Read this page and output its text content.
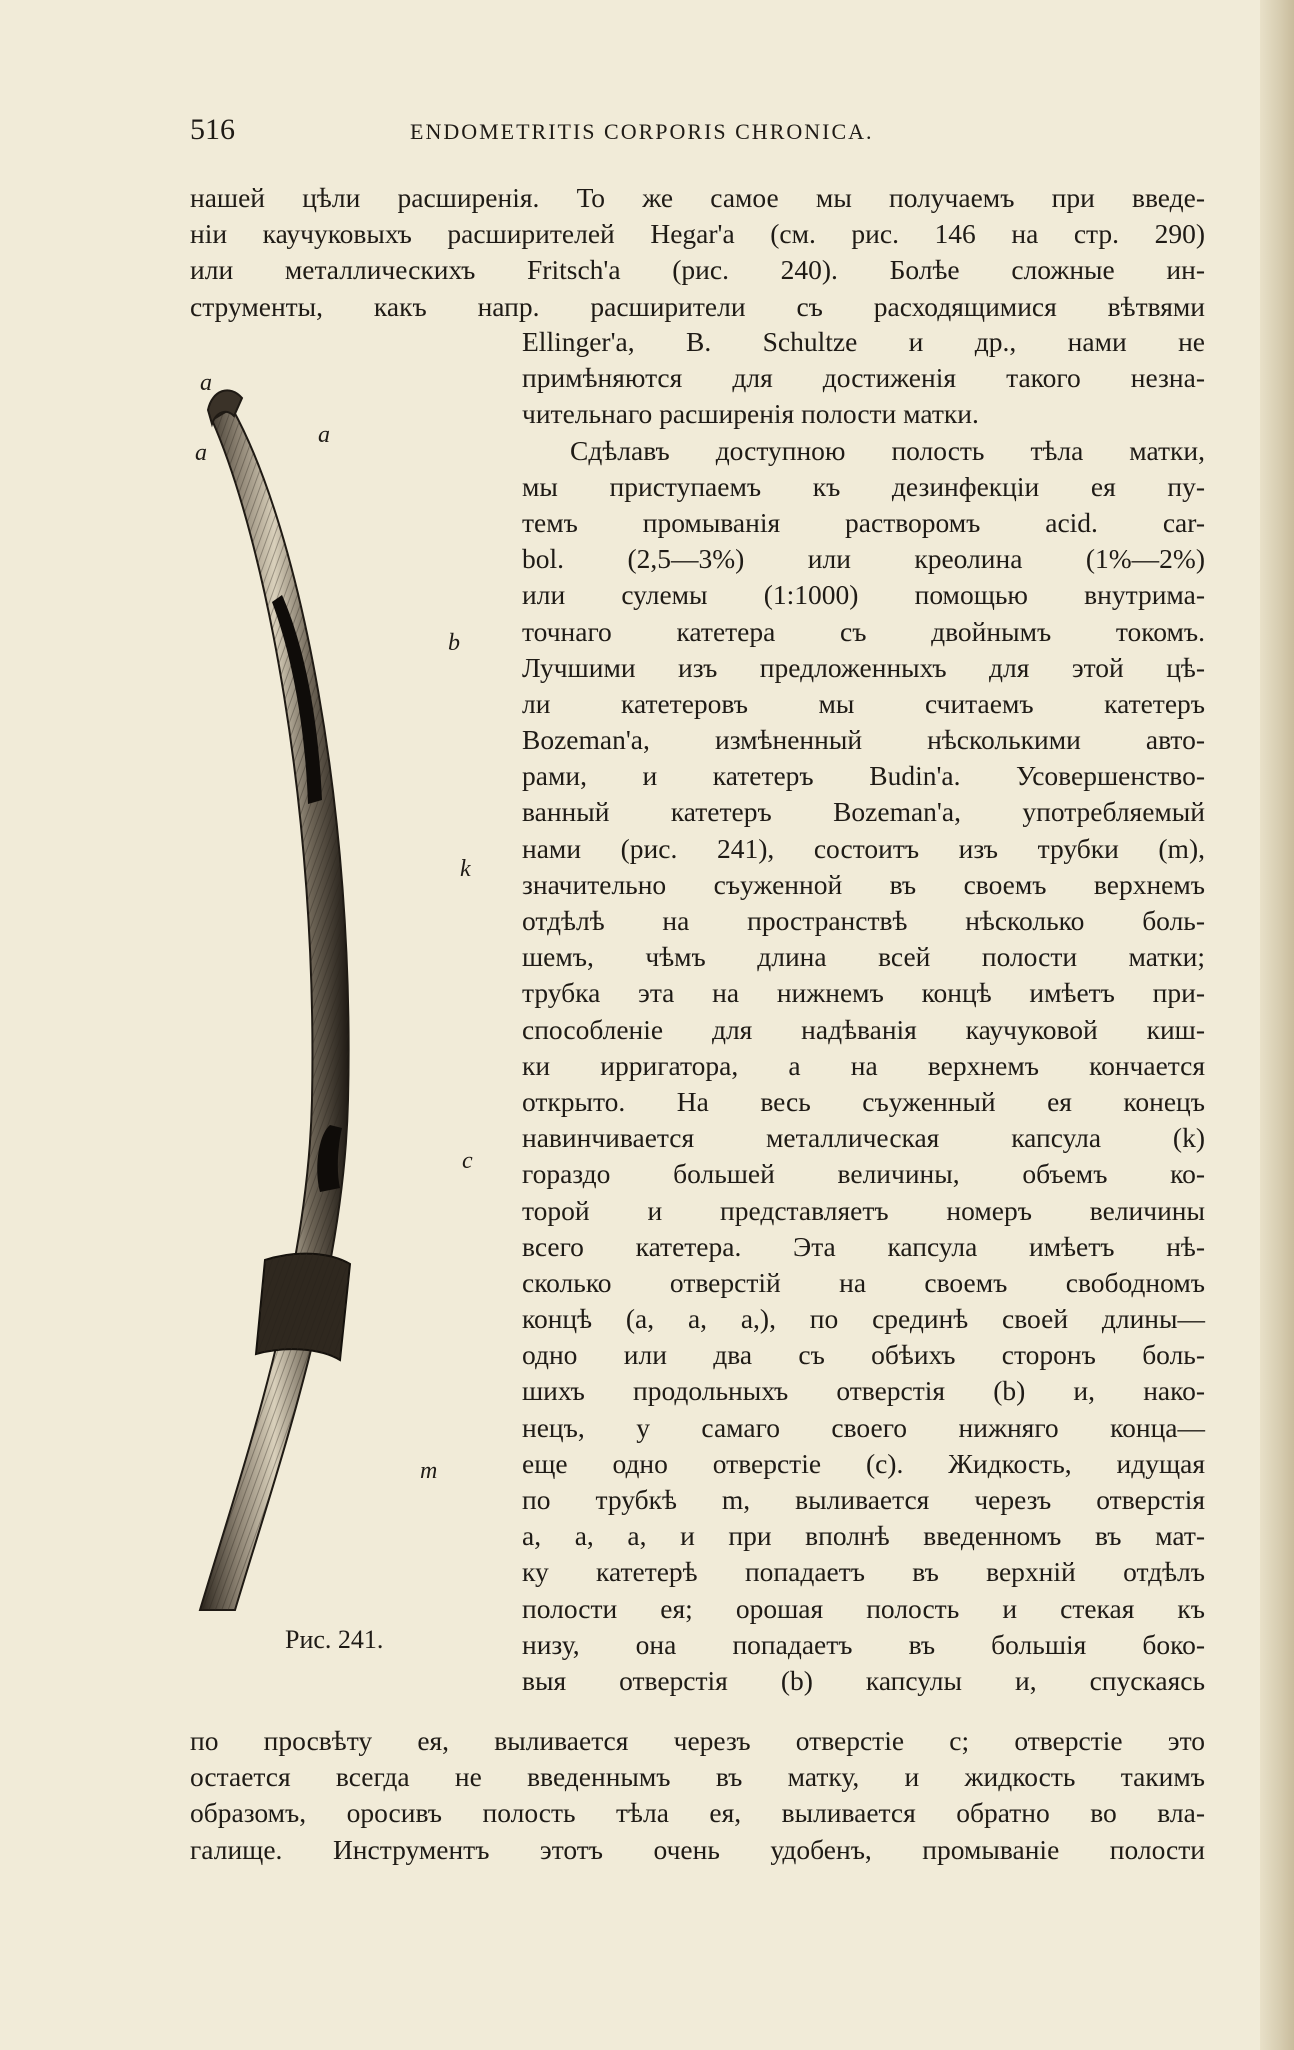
516	ENDOMETRITIS CORPORIS CHRONICA.
нашей цѣли расширенія. То же самое мы получаемъ при введе-
ніи каучуковыхъ расширителей Hegar'а (см. рис. 146 на стр. 290)
или металлическихъ Fritsch'а (рис. 240). Болѣе сложные ин-
струменты, какъ напр. расширители съ расходящимися вѣтвями
Ellinger'а, B. Schultze и др., нами не
примѣняются для достиженія такого незна-
чительнаго расширенія полости матки.
Сдѣлавъ доступною полость тѣла матки,
мы приступаемъ къ дезинфекціи ея пу-
темъ промыванія растворомъ acid. car-
bol. (2,5—3%) или креолина (1%—2%)
или сулемы (1:1000) помощью внутрима-
точнаго катетера съ двойнымъ токомъ.
Лучшими изъ предложенныхъ для этой цѣ-
ли катетеровъ мы считаемъ катетеръ
Bozeman'а, измѣненный нѣсколькими авто-
рами, и катетеръ Budin'а. Усовершенство-
ванный катетеръ Bozeman'а, употребляемый
нами (рис. 241), состоитъ изъ трубки (m),
значительно съуженной въ своемъ верхнемъ
отдѣлѣ на пространствѣ нѣсколько боль-
шемъ, чѣмъ длина всей полости матки;
трубка эта на нижнемъ концѣ имѣетъ при-
способленіе для надѣванія каучуковой киш-
ки ирригатора, а на верхнемъ кончается
открыто. На весь съуженный ея конецъ
навинчивается металлическая капсула (k)
гораздо большей величины, объемъ ко-
торой и представляетъ номеръ величины
всего катетера. Эта капсула имѣетъ нѣ-
сколько отверстій на своемъ свободномъ
концѣ (a, a, a,), по срединѣ своей длины—
одно или два съ обѣихъ сторонъ боль-
шихъ продольныхъ отверстія (b) и, нако-
нецъ, у самаго своего нижняго конца—
еще одно отверстіе (c). Жидкость, идущая
по трубкѣ m, выливается черезъ отверстія
a, a, a, и при вполнѣ введенномъ въ мат-
ку катетерѣ попадаетъ въ верхній отдѣлъ
полости ея; орошая полость и стекая къ
низу, она попадаетъ въ большія боко-
выя отверстія (b) капсулы и, спускаясь
по просвѣту ея, выливается черезъ отверстіе c; отверстіе это
остается всегда не введеннымъ въ матку, и жидкость такимъ
образомъ, оросивъ полость тѣла ея, выливается обратно во вла-
галище. Инструментъ этотъ очень удобенъ, промываніе полости
a
a
a
b
k
c
m
Рис. 241.
